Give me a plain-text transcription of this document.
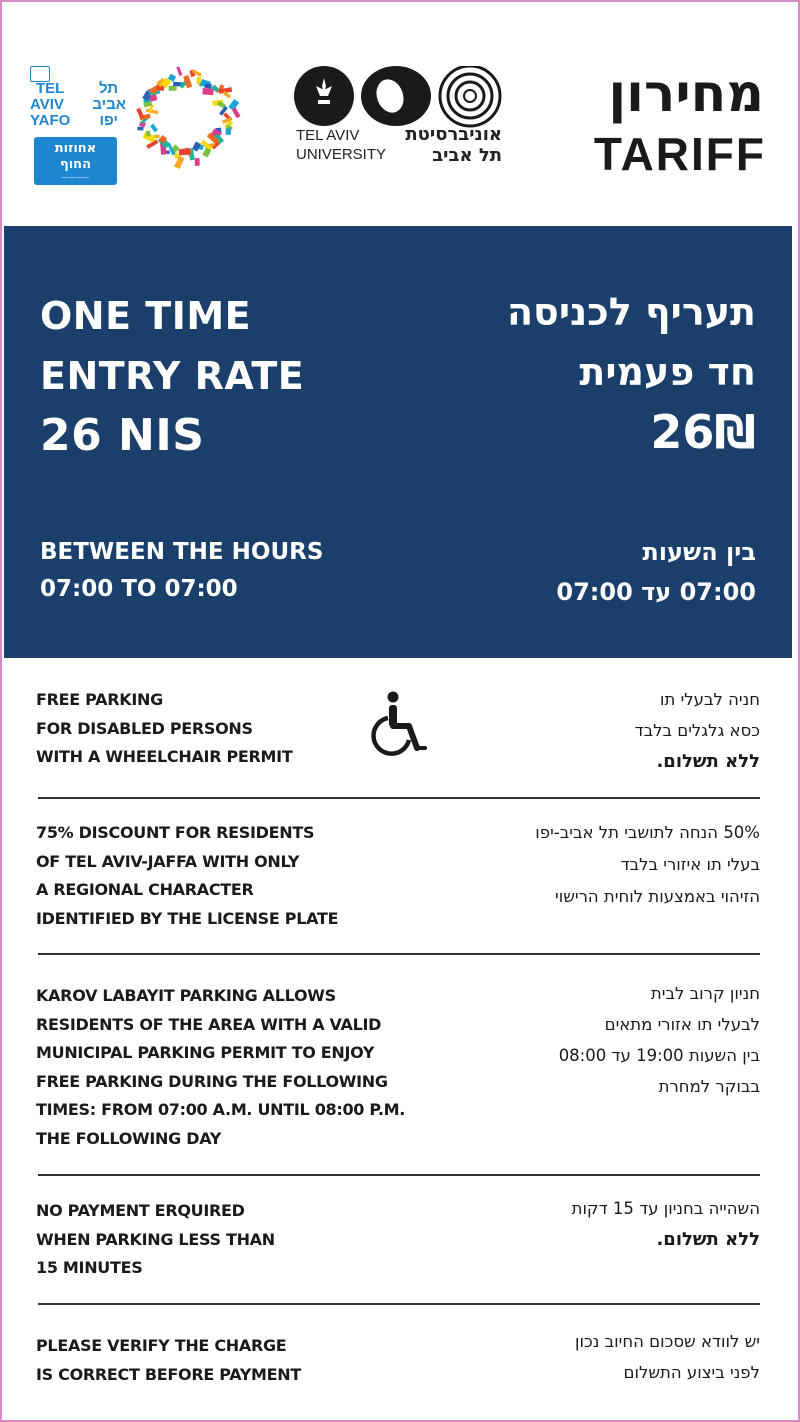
תל
TEL
אביב
AVIV
יפו
YAFO
אחוזות
החוף
————
TEL AVIV
UNIVERSITY
אוניברסיטת
תל אביב
מחירון
TARIFF
ONE TIME
ENTRY RATE
26 NIS
תעריף לכניסה
חד פעמית
26₪
BETWEEN THE HOURS
07:00 TO 07:00
בין השעות
07:00 עד 07:00
FREE PARKING
FOR DISABLED PERSONS
WITH A WHEELCHAIR PERMIT
חניה לבעלי תו
כסא גלגלים בלבד
ללא תשלום.
75% DISCOUNT FOR RESIDENTS
OF TEL AVIV-JAFFA WITH ONLY
A REGIONAL CHARACTER
IDENTIFIED BY THE LICENSE PLATE
50% הנחה לתושבי תל אביב-יפו
בעלי תו איזורי בלבד
הזיהוי באמצעות לוחית הרישוי
KAROV LABAYIT PARKING ALLOWS
RESIDENTS OF THE AREA WITH A VALID
MUNICIPAL PARKING PERMIT TO ENJOY
FREE PARKING DURING THE FOLLOWING
TIMES: FROM 07:00 A.M. UNTIL 08:00 P.M.
THE FOLLOWING DAY
חניון קרוב לבית
לבעלי תו אזורי מתאים
בין השעות 19:00 עד 08:00
בבוקר למחרת
NO PAYMENT ERQUIRED
WHEN PARKING LESS THAN
15 MINUTES
השהייה בחניון עד 15 דקות
ללא תשלום.
PLEASE VERIFY THE CHARGE
IS CORRECT BEFORE PAYMENT
יש לוודא שסכום החיוב נכון
לפני ביצוע התשלום
